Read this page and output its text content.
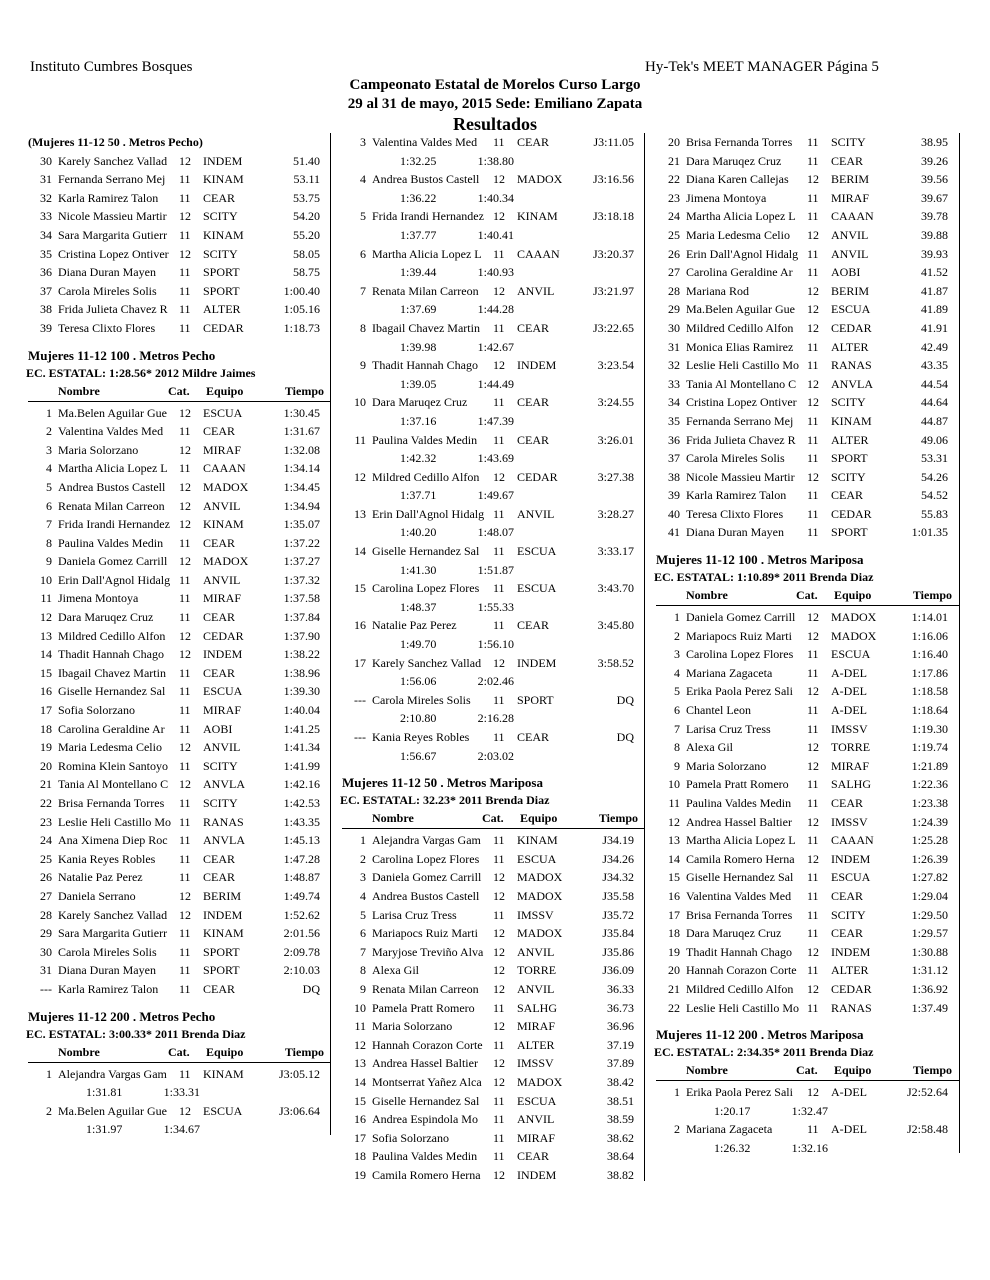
Instituto Cumbres Bosques	Hy-Tek's MEET MANAGER Página 5
Campeonato Estatal de Morelos Curso Largo
29 al 31 de mayo, 2015 Sede: Emiliano Zapata
Resultados
(Mujeres 11-12 50 . Metros Pecho)
30 Karely Sanchez Vallad 12	INDEM	51.40
31 Fernanda Serrano Mej	11	KINAM	53.11
32 Karla Ramirez Talon	11	CEAR	53.75
33 Nicole Massieu Martir	12	SCITY	54.20
34 Sara Margarita Gutierr 11	KINAM	55.20
35 Cristina Lopez Ontiver 12	SCITY	58.05
36 Diana Duran Mayen	11	SPORT	58.75
37 Carola Mireles Solis	11	SPORT	1:00.40
38 Frida Julieta Chavez R 11	ALTER	1:05.16
39 Teresa Clixto Flores	11	CEDAR	1:18.73
Mujeres 11-12 100 . Metros Pecho
EC. ESTATAL: 1:28.56* 2012 Mildre Jaimes
Nombre	Cat.	Equipo	Tiempo
1 Ma.Belen Aguilar Gue	12	ESCUA	1:30.45
2 Valentina Valdes Med	11	CEAR	1:31.67
3 Maria Solorzano	12	MIRAF	1:32.08
4 Martha Alicia Lopez L 11	CAAAN	1:34.14
5 Andrea Bustos Castell	12	MADOX	1:34.45
6 Renata Milan Carreon	12	ANVIL	1:34.94
7 Frida Irandi Hernandez 12	KINAM	1:35.07
8 Paulina Valdes Medin	11	CEAR	1:37.22
9 Daniela Gomez Carrill 12	MADOX	1:37.27
10 Erin Dall'Agnol Hidalg 11	ANVIL	1:37.32
11 Jimena Montoya	11	MIRAF	1:37.58
12 Dara Maruqez Cruz	11	CEAR	1:37.84
13 Mildred Cedillo Alfon	12	CEDAR	1:37.90
14 Thadit Hannah Chago	12	INDEM	1:38.22
15 Ibagail Chavez Martin	11	CEAR	1:38.96
16 Giselle Hernandez Sal	11	ESCUA	1:39.30
17 Sofia Solorzano	11	MIRAF	1:40.04
18 Carolina Geraldine Ar	11	AOBI	1:41.25
19 Maria Ledesma Celio	12	ANVIL	1:41.34
20 Romina Klein Santoyo 11	SCITY	1:41.99
21 Tania Al Montellano C 12	ANVLA	1:42.16
22 Brisa Fernanda Torres	11	SCITY	1:42.53
23 Leslie Heli Castillo Mo 11	RANAS	1:43.35
24 Ana Ximena Diep Roc 11	ANVLA	1:45.13
25 Kania Reyes Robles	11	CEAR	1:47.28
26 Natalie Paz Perez	11	CEAR	1:48.87
27 Daniela Serrano	12	BERIM	1:49.74
28 Karely Sanchez Vallad 12	INDEM	1:52.62
29 Sara Margarita Gutierr 11	KINAM	2:01.56
30 Carola Mireles Solis	11	SPORT	2:09.78
31 Diana Duran Mayen	11	SPORT	2:10.03
--- Karla Ramirez Talon	11	CEAR	DQ
Mujeres 11-12 200 . Metros Pecho
EC. ESTATAL: 3:00.33* 2011 Brenda Diaz
Nombre	Cat.	Equipo	Tiempo
1 Alejandra Vargas Gam	11	KINAM	J3:05.12
1:31.81	1:33.31
2 Ma.Belen Aguilar Gue	12	ESCUA	J3:06.64
1:31.97	1:34.67
3 Valentina Valdes Med	11	CEAR	J3:11.05
1:32.25	1:38.80
4 Andrea Bustos Castell	12	MADOX	J3:16.56
1:36.22	1:40.34
5 Frida Irandi Hernandez 12	KINAM	J3:18.18
1:37.77	1:40.41
6 Martha Alicia Lopez L 11	CAAAN	J3:20.37
1:39.44	1:40.93
7 Renata Milan Carreon	12	ANVIL	J3:21.97
1:37.69	1:44.28
8 Ibagail Chavez Martin	11	CEAR	J3:22.65
1:39.98	1:42.67
9 Thadit Hannah Chago	12	INDEM	3:23.54
1:39.05	1:44.49
10 Dara Maruqez Cruz	11	CEAR	3:24.55
1:37.16	1:47.39
11 Paulina Valdes Medin	11	CEAR	3:26.01
1:42.32	1:43.69
12 Mildred Cedillo Alfon	12	CEDAR	3:27.38
1:37.71	1:49.67
13 Erin Dall'Agnol Hidalg 11	ANVIL	3:28.27
1:40.20	1:48.07
14 Giselle Hernandez Sal	11	ESCUA	3:33.17
1:41.30	1:51.87
15 Carolina Lopez Flores	11	ESCUA	3:43.70
1:48.37	1:55.33
16 Natalie Paz Perez	11	CEAR	3:45.80
1:49.70	1:56.10
17 Karely Sanchez Vallad 12	INDEM	3:58.52
1:56.06	2:02.46
--- Carola Mireles Solis	11	SPORT	DQ
2:10.80	2:16.28
--- Kania Reyes Robles	11	CEAR	DQ
1:56.67	2:03.02
Mujeres 11-12 50 . Metros Mariposa
EC. ESTATAL: 32.23* 2011 Brenda Diaz
Nombre	Cat.	Equipo	Tiempo
1 Alejandra Vargas Gam	11	KINAM	J34.19
2 Carolina Lopez Flores	11	ESCUA	J34.26
3 Daniela Gomez Carrill 12	MADOX	J34.32
4 Andrea Bustos Castell	12	MADOX	J35.58
5 Larisa Cruz Tress	11	IMSSV	J35.72
6 Mariapocs Ruiz Marti	12	MADOX	J35.84
7 Maryjose Treviño Alva 12	ANVIL	J35.86
8 Alexa Gil	12	TORRE	J36.09
9 Renata Milan Carreon	12	ANVIL	36.33
10 Pamela Pratt Romero	11	SALHG	36.73
11 Maria Solorzano	12	MIRAF	36.96
12 Hannah Corazon Corte 11	ALTER	37.19
13 Andrea Hassel Baltier	12	IMSSV	37.89
14 Montserrat Yañez Alca 12	MADOX	38.42
15 Giselle Hernandez Sal	11	ESCUA	38.51
16 Andrea Espindola Mo	11	ANVIL	38.59
17 Sofia Solorzano	11	MIRAF	38.62
18 Paulina Valdes Medin	11	CEAR	38.64
19 Camila Romero Herna	12	INDEM	38.82
20 Brisa Fernanda Torres	11	SCITY	38.95
21 Dara Maruqez Cruz	11	CEAR	39.26
22 Diana Karen Callejas	12	BERIM	39.56
23 Jimena Montoya	11	MIRAF	39.67
24 Martha Alicia Lopez L 11	CAAAN	39.78
25 Maria Ledesma Celio	12	ANVIL	39.88
26 Erin Dall'Agnol Hidalg 11	ANVIL	39.93
27 Carolina Geraldine Ar	11	AOBI	41.52
28 Mariana Rod	12	BERIM	41.87
29 Ma.Belen Aguilar Gue	12	ESCUA	41.89
30 Mildred Cedillo Alfon	12	CEDAR	41.91
31 Monica Elias Ramirez	11	ALTER	42.49
32 Leslie Heli Castillo Mo 11	RANAS	43.35
33 Tania Al Montellano C 12	ANVLA	44.54
34 Cristina Lopez Ontiver 12	SCITY	44.64
35 Fernanda Serrano Mej	11	KINAM	44.87
36 Frida Julieta Chavez R 11	ALTER	49.06
37 Carola Mireles Solis	11	SPORT	53.31
38 Nicole Massieu Martir	12	SCITY	54.26
39 Karla Ramirez Talon	11	CEAR	54.52
40 Teresa Clixto Flores	11	CEDAR	55.83
41 Diana Duran Mayen	11	SPORT	1:01.35
Mujeres 11-12 100 . Metros Mariposa
EC. ESTATAL: 1:10.89* 2011 Brenda Diaz
Nombre	Cat.	Equipo	Tiempo
1 Daniela Gomez Carrill 12	MADOX	1:14.01
2 Mariapocs Ruiz Marti	12	MADOX	1:16.06
3 Carolina Lopez Flores	11	ESCUA	1:16.40
4 Mariana Zagaceta	11	A-DEL	1:17.86
5 Erika Paola Perez Sali	12	A-DEL	1:18.58
6 Chantel Leon	11	A-DEL	1:18.64
7 Larisa Cruz Tress	11	IMSSV	1:19.30
8 Alexa Gil	12	TORRE	1:19.74
9 Maria Solorzano	12	MIRAF	1:21.89
10 Pamela Pratt Romero	11	SALHG	1:22.36
11 Paulina Valdes Medin	11	CEAR	1:23.38
12 Andrea Hassel Baltier	12	IMSSV	1:24.39
13 Martha Alicia Lopez L 11	CAAAN	1:25.28
14 Camila Romero Herna	12	INDEM	1:26.39
15 Giselle Hernandez Sal	11	ESCUA	1:27.82
16 Valentina Valdes Med	11	CEAR	1:29.04
17 Brisa Fernanda Torres	11	SCITY	1:29.50
18 Dara Maruqez Cruz	11	CEAR	1:29.57
19 Thadit Hannah Chago	12	INDEM	1:30.88
20 Hannah Corazon Corte 11	ALTER	1:31.12
21 Mildred Cedillo Alfon	12	CEDAR	1:36.92
22 Leslie Heli Castillo Mo 11	RANAS	1:37.49
Mujeres 11-12 200 . Metros Mariposa
EC. ESTATAL: 2:34.35* 2011 Brenda Diaz
Nombre	Cat.	Equipo	Tiempo
1 Erika Paola Perez Sali	12	A-DEL	J2:52.64
1:20.17	1:32.47
2 Mariana Zagaceta	11	A-DEL	J2:58.48
1:26.32	1:32.16
